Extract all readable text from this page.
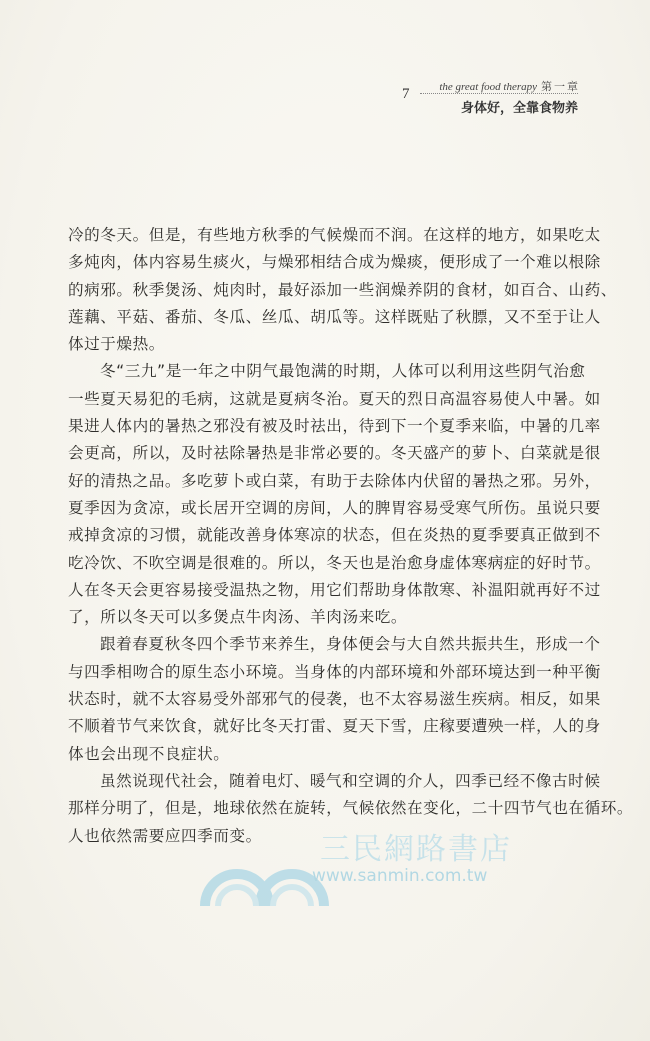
7	the great food therapy 第一章
身体好，全靠食物养
冷的冬天。但是，有些地方秋季的气候燥而不润。在这样的地方，如果吃太
多炖肉，体内容易生痰火，与燥邪相结合成为燥痰，便形成了一个难以根除
的病邪。秋季煲汤、炖肉时，最好添加一些润燥养阴的食材，如百合、山药、
莲藕、平菇、番茄、冬瓜、丝瓜、胡瓜等。这样既贴了秋膘，又不至于让人
体过于燥热。
冬“三九”是一年之中阴气最饱满的时期，人体可以利用这些阴气治愈
一些夏天易犯的毛病，这就是夏病冬治。夏天的烈日高温容易使人中暑。如
果进人体内的暑热之邪没有被及时祛出，待到下一个夏季来临，中暑的几率
会更高，所以，及时祛除暑热是非常必要的。冬天盛产的萝卜、白菜就是很
好的清热之品。多吃萝卜或白菜，有助于去除体内伏留的暑热之邪。另外，
夏季因为贪凉，或长居开空调的房间，人的脾胃容易受寒气所伤。虽说只要
戒掉贪凉的习惯，就能改善身体寒凉的状态，但在炎热的夏季要真正做到不
吃冷饮、不吹空调是很难的。所以，冬天也是治愈身虚体寒病症的好时节。
人在冬天会更容易接受温热之物，用它们帮助身体散寒、补温阳就再好不过
了，所以冬天可以多煲点牛肉汤、羊肉汤来吃。
跟着春夏秋冬四个季节来养生，身体便会与大自然共振共生，形成一个
与四季相吻合的原生态小环境。当身体的内部环境和外部环境达到一种平衡
状态时，就不太容易受外部邪气的侵袭，也不太容易滋生疾病。相反，如果
不顺着节气来饮食，就好比冬天打雷、夏天下雪，庄稼要遭殃一样，人的身
体也会出现不良症状。
虽然说现代社会，随着电灯、暖气和空调的介人，四季已经不像古时候
那样分明了，但是，地球依然在旋转，气候依然在变化，二十四节气也在循环。
人也依然需要应四季而变。	三民網路書店
www.sanmin.com.tw
